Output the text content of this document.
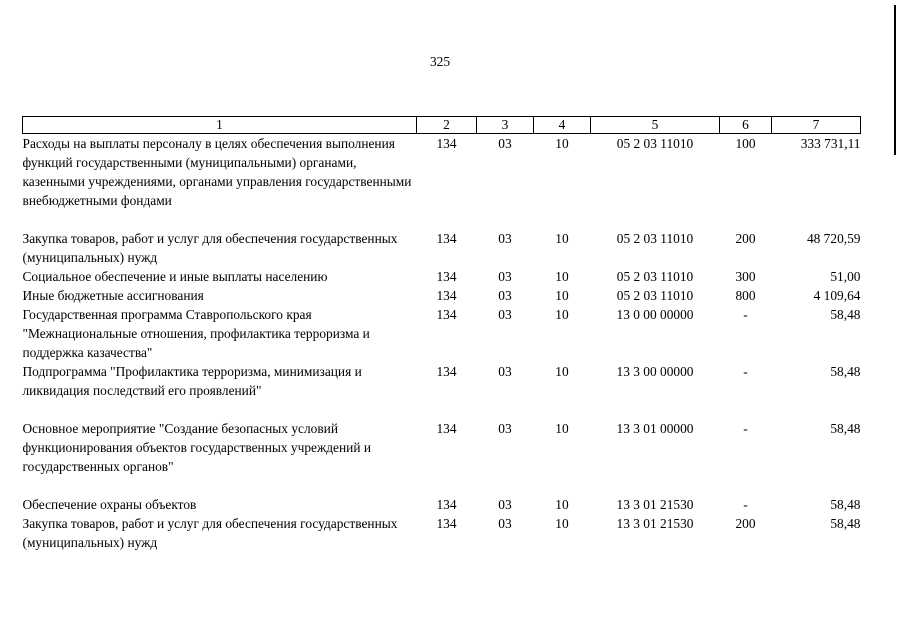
325
1	2	3	4	5	6	7
Расходы на выплаты персоналу в целях обеспечения выполнения функций государственными (муниципальными) органами, казенными учреждениями, органами управления государственными внебюджетными фондами	134	03	10	05 2 03 11010	100	333 731,11

Закупка товаров, работ и услуг для обеспечения государственных (муниципальных) нужд	134	03	10	05 2 03 11010	200	48 720,59
Социальное обеспечение и иные выплаты населению	134	03	10	05 2 03 11010	300	51,00
Иные бюджетные ассигнования	134	03	10	05 2 03 11010	800	4 109,64
Государственная программа Ставропольского края "Межнациональные отношения, профилактика терроризма и поддержка казачества"	134	03	10	13 0 00 00000	-	58,48
Подпрограмма "Профилактика терроризма, минимизация и ликвидация последствий его проявлений"	134	03	10	13 3 00 00000	-	58,48

Основное мероприятие "Создание безопасных условий функционирования объектов государственных учреждений и государственных органов"	134	03	10	13 3 01 00000	-	58,48

Обеспечение охраны объектов	134	03	10	13 3 01 21530	-	58,48
Закупка товаров, работ и услуг для обеспечения государственных (муниципальных) нужд	134	03	10	13 3 01 21530	200	58,48
